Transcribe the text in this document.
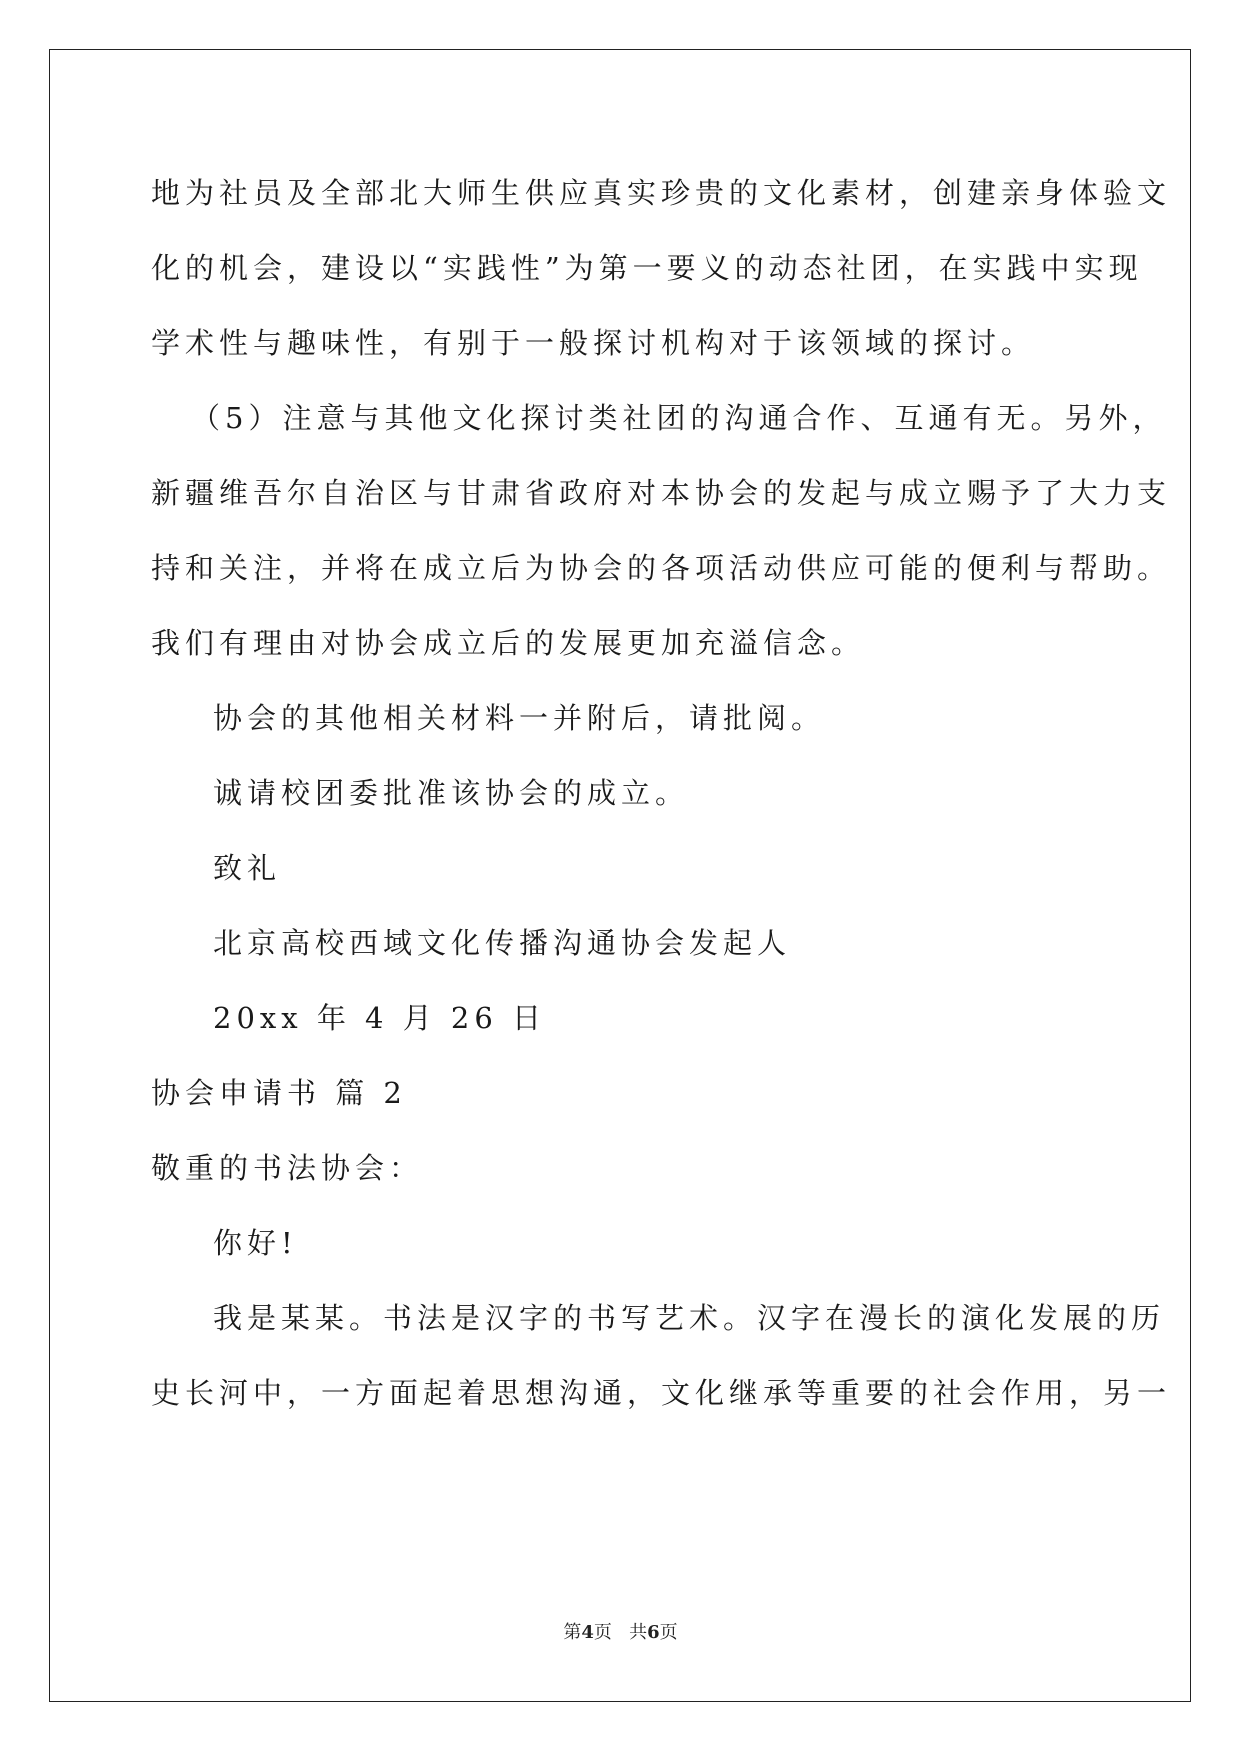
地为社员及全部北大师生供应真实珍贵的文化素材，创建亲身体验文
化的机会，建设以“实践性”为第一要义的动态社团，在实践中实现
学术性与趣味性，有别于一般探讨机构对于该领域的探讨。
（5）注意与其他文化探讨类社团的沟通合作、互通有无。另外，
新疆维吾尔自治区与甘肃省政府对本协会的发起与成立赐予了大力支
持和关注，并将在成立后为协会的各项活动供应可能的便利与帮助。
我们有理由对协会成立后的发展更加充溢信念。
协会的其他相关材料一并附后，请批阅。
诚请校团委批准该协会的成立。
致礼
北京高校西域文化传播沟通协会发起人
20xx 年 4 月 26 日
协会申请书 篇 2
敬重的书法协会：
你好!
我是某某。书法是汉字的书写艺术。汉字在漫长的演化发展的历
史长河中，一方面起着思想沟通，文化继承等重要的社会作用，另一
第4页   共6页
